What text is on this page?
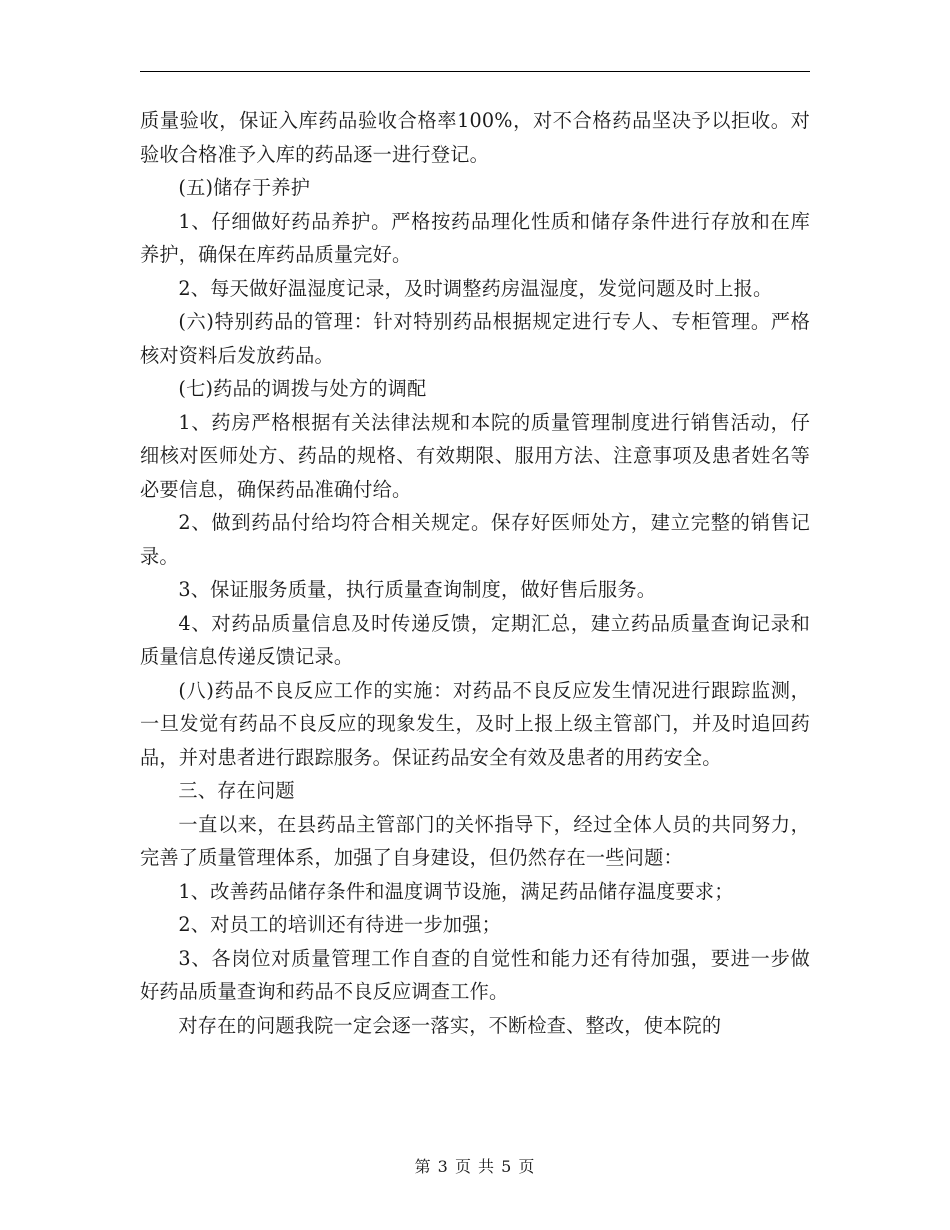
质量验收，保证入库药品验收合格率100%，对不合格药品坚决予以拒收。对验收合格准予入库的药品逐一进行登记。

(五)储存于养护

1、仔细做好药品养护。严格按药品理化性质和储存条件进行存放和在库养护，确保在库药品质量完好。

2、每天做好温湿度记录，及时调整药房温湿度，发觉问题及时上报。

(六)特别药品的管理：针对特别药品根据规定进行专人、专柜管理。严格核对资料后发放药品。

(七)药品的调拨与处方的调配

1、药房严格根据有关法律法规和本院的质量管理制度进行销售活动，仔细核对医师处方、药品的规格、有效期限、服用方法、注意事项及患者姓名等必要信息，确保药品准确付给。

2、做到药品付给均符合相关规定。保存好医师处方，建立完整的销售记录。

3、保证服务质量，执行质量查询制度，做好售后服务。

4、对药品质量信息及时传递反馈，定期汇总，建立药品质量查询记录和质量信息传递反馈记录。

(八)药品不良反应工作的实施：对药品不良反应发生情况进行跟踪监测，一旦发觉有药品不良反应的现象发生，及时上报上级主管部门，并及时追回药品，并对患者进行跟踪服务。保证药品安全有效及患者的用药安全。

三、存在问题

一直以来，在县药品主管部门的关怀指导下，经过全体人员的共同努力，完善了质量管理体系，加强了自身建设，但仍然存在一些问题：

1、改善药品储存条件和温度调节设施，满足药品储存温度要求；

2、对员工的培训还有待进一步加强；

3、各岗位对质量管理工作自查的自觉性和能力还有待加强，要进一步做好药品质量查询和药品不良反应调查工作。

对存在的问题我院一定会逐一落实，不断检查、整改，使本院的

第 3 页 共 5 页
